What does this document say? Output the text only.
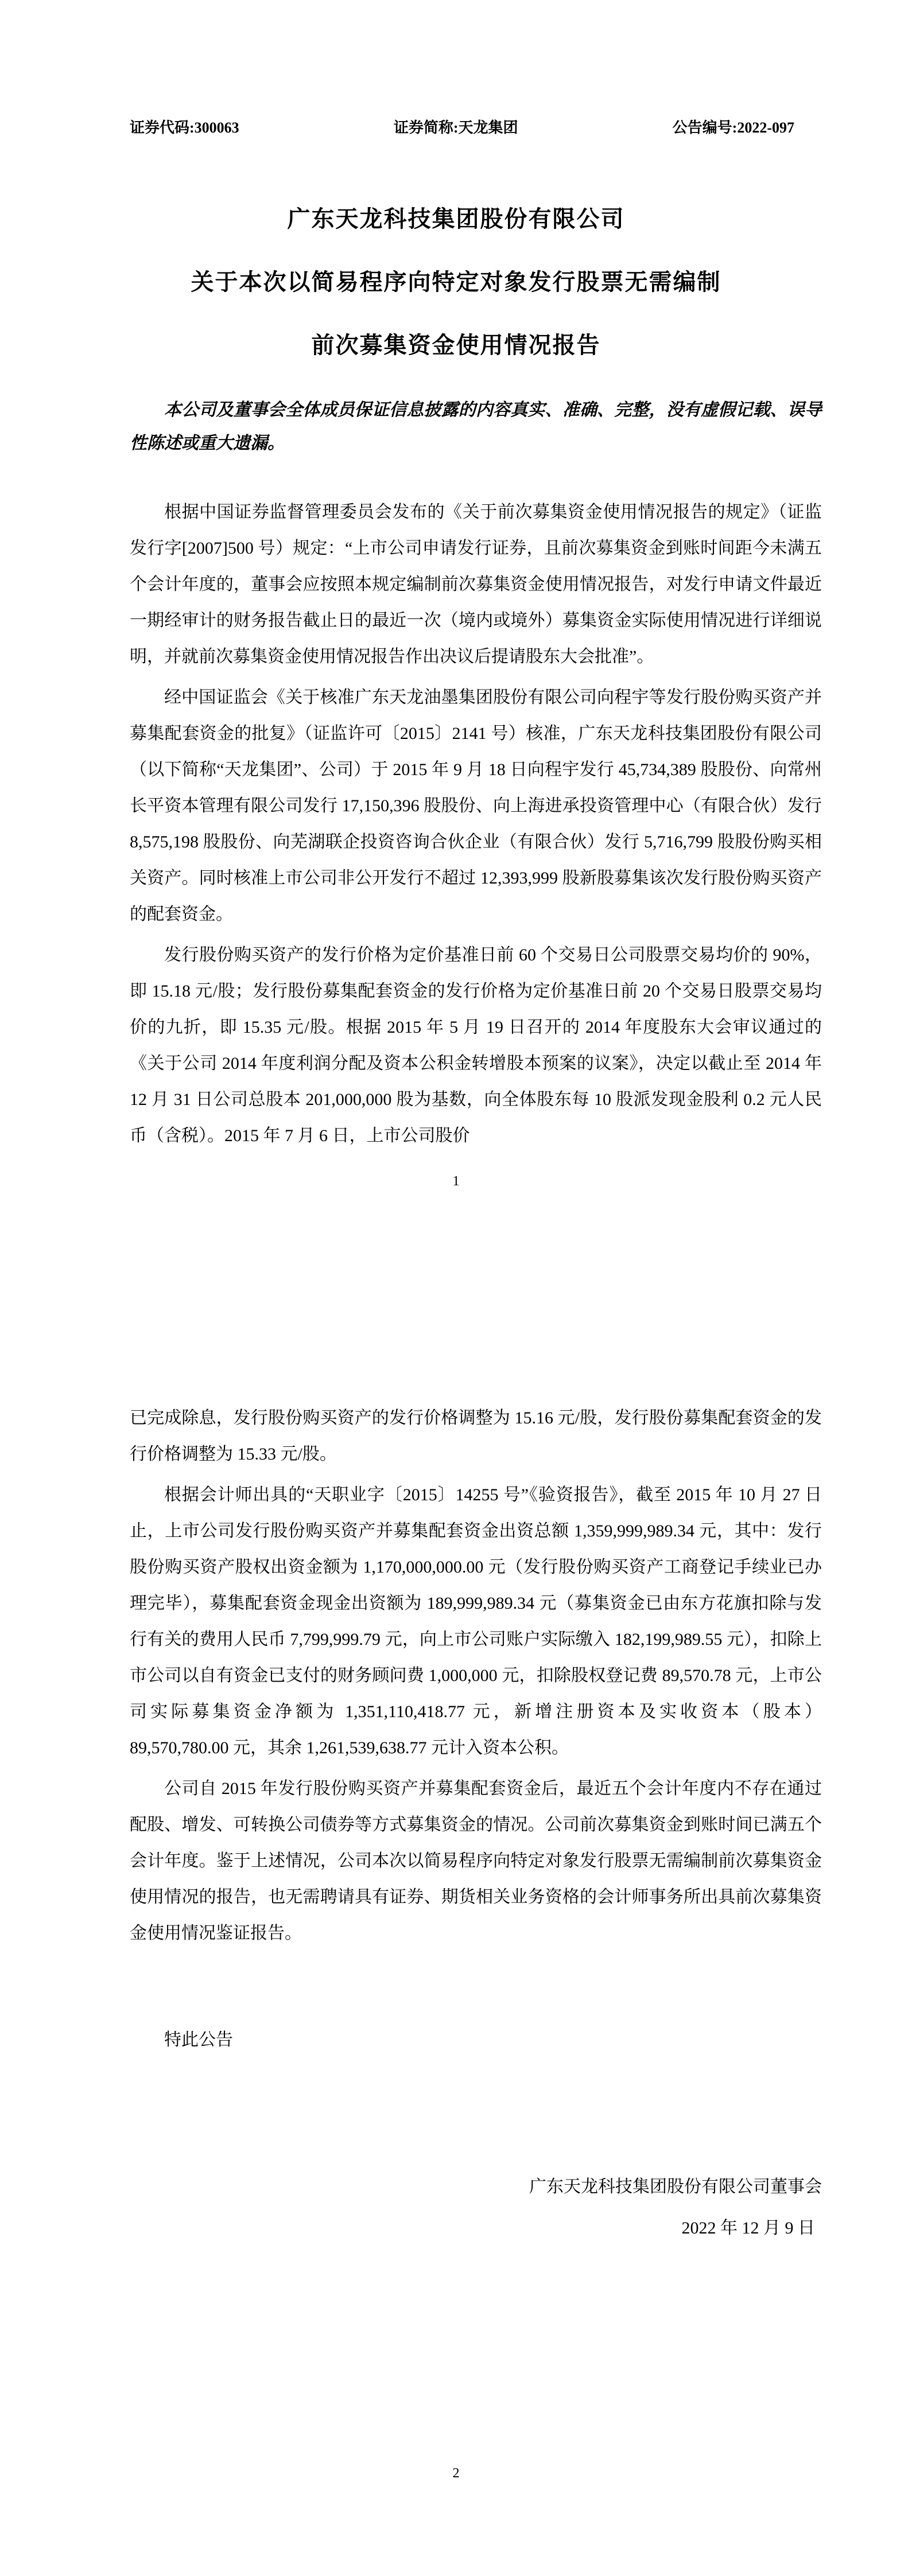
证券代码:300063	证券简称:天龙集团	公告编号:2022-097
广东天龙科技集团股份有限公司
关于本次以简易程序向特定对象发行股票无需编制
前次募集资金使用情况报告
本公司及董事会全体成员保证信息披露的内容真实、准确、完整，没有虚假记载、误导性陈述或重大遗漏。

根据中国证券监督管理委员会发布的《关于前次募集资金使用情况报告的规定》（证监发行字[2007]500 号）规定：“上市公司申请发行证券，且前次募集资金到账时间距今未满五个会计年度的，董事会应按照本规定编制前次募集资金使用情况报告，对发行申请文件最近一期经审计的财务报告截止日的最近一次（境内或境外）募集资金实际使用情况进行详细说明，并就前次募集资金使用情况报告作出决议后提请股东大会批准”。

经中国证监会《关于核准广东天龙油墨集团股份有限公司向程宇等发行股份购买资产并募集配套资金的批复》（证监许可〔2015〕2141 号）核准，广东天龙科技集团股份有限公司（以下简称“天龙集团”、公司）于 2015 年 9 月 18 日向程宇发行 45,734,389 股股份、向常州长平资本管理有限公司发行 17,150,396 股股份、向上海进承投资管理中心（有限合伙）发行 8,575,198 股股份、向芜湖联企投资咨询合伙企业（有限合伙）发行 5,716,799 股股份购买相关资产。同时核准上市公司非公开发行不超过 12,393,999 股新股募集该次发行股份购买资产的配套资金。

发行股份购买资产的发行价格为定价基准日前 60 个交易日公司股票交易均价的 90%，即 15.18 元/股；发行股份募集配套资金的发行价格为定价基准日前 20 个交易日股票交易均价的九折，即 15.35 元/股。根据 2015 年 5 月 19 日召开的 2014 年度股东大会审议通过的《关于公司 2014 年度利润分配及资本公积金转增股本预案的议案》，决定以截止至 2014 年 12 月 31 日公司总股本 201,000,000 股为基数，向全体股东每 10 股派发现金股利 0.2 元人民币（含税）。2015 年 7 月 6 日，上市公司股价

1

已完成除息，发行股份购买资产的发行价格调整为 15.16 元/股，发行股份募集配套资金的发行价格调整为 15.33 元/股。

根据会计师出具的“天职业字〔2015〕14255 号”《验资报告》，截至 2015 年 10 月 27 日止，上市公司发行股份购买资产并募集配套资金出资总额 1,359,999,989.34 元，其中：发行股份购买资产股权出资金额为 1,170,000,000.00 元（发行股份购买资产工商登记手续业已办理完毕），募集配套资金现金出资额为 189,999,989.34 元（募集资金已由东方花旗扣除与发行有关的费用人民币 7,799,999.79 元，向上市公司账户实际缴入 182,199,989.55 元），扣除上市公司以自有资金已支付的财务顾问费 1,000,000 元，扣除股权登记费 89,570.78 元，上市公司实际募集资金净额为 1,351,110,418.77 元，新增注册资本及实收资本（股本）89,570,780.00 元，其余 1,261,539,638.77 元计入资本公积。

公司自 2015 年发行股份购买资产并募集配套资金后，最近五个会计年度内不存在通过配股、增发、可转换公司债券等方式募集资金的情况。公司前次募集资金到账时间已满五个会计年度。鉴于上述情况，公司本次以简易程序向特定对象发行股票无需编制前次募集资金使用情况的报告，也无需聘请具有证券、期货相关业务资格的会计师事务所出具前次募集资金使用情况鉴证报告。

特此公告
广东天龙科技集团股份有限公司董事会
2022 年 12 月 9 日
2
